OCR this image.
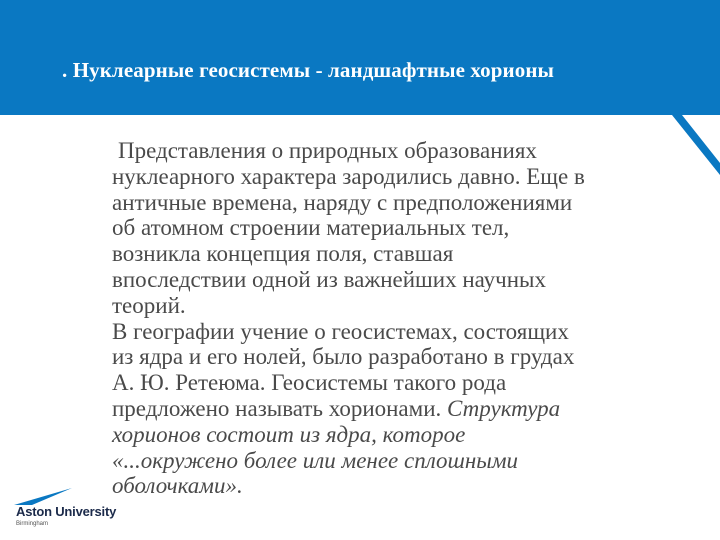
. Нуклеарные геосистемы - ландшафтные хорионы
Представления о природных образованиях
нуклеарного характера зародились давно. Еще в
античные времена, наряду с предположениями
об атомном строении материальных тел,
возникла концепция поля, ставшая
впоследствии одной из важнейших научных
теорий.
В географии учение о геосистемах, состоящих
из ядра и его нолей, было разработано в грудах
А. Ю. Ретеюма. Геосистемы такого рода
предложено называть хорионами. Структура
хорионов состоит из ядра, которое
«...окружено более или менее сплошными
оболочками».
Aston University
Birmingham
